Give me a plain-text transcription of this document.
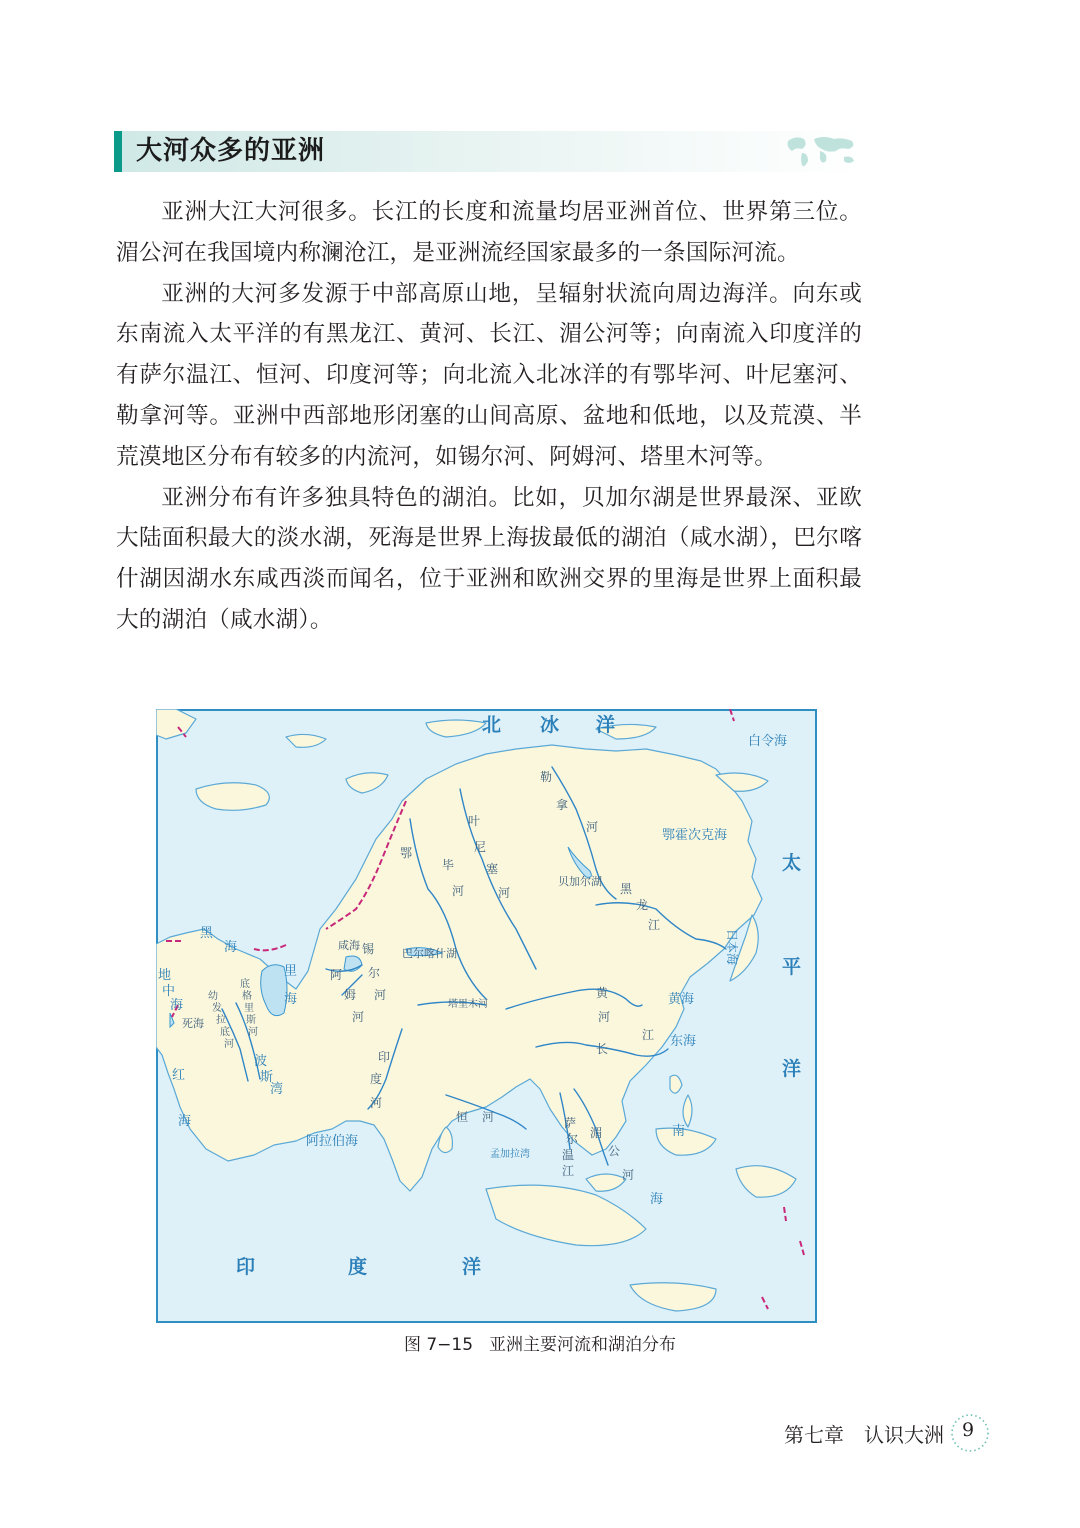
大河众多的亚洲

亚洲大江大河很多。长江的长度和流量均居亚洲首位、世界第三位。湄公河在我国境内称澜沧江，是亚洲流经国家最多的一条国际河流。

亚洲的大河多发源于中部高原山地，呈辐射状流向周边海洋。向东或东南流入太平洋的有黑龙江、黄河、长江、湄公河等；向南流入印度洋的有萨尔温江、恒河、印度河等；向北流入北冰洋的有鄂毕河、叶尼塞河、勒拿河等。亚洲中西部地形闭塞的山间高原、盆地和低地，以及荒漠、半荒漠地区分布有较多的内流河，如锡尔河、阿姆河、塔里木河等。

亚洲分布有许多独具特色的湖泊。比如，贝加尔湖是世界最深、亚欧大陆面积最大的淡水湖，死海是世界上海拔最低的湖泊（咸水湖），巴尔喀什湖因湖水东咸西淡而闻名，位于亚洲和欧洲交界的里海是世界上面积最大的湖泊（咸水湖）。

北 冰 洋
太
平
洋
印	度	洋
白令海
鄂霍次克海
黄海
东海
阿拉伯海
孟加拉湾
南
海
黑
海
里
海
地
中
海
红
海
波
斯
湾
日本海
贝加尔湖
巴尔喀什湖
咸海
死海
塔里木河
鄂
毕
河
叶
尼
塞
河
勒
拿
河
黑
龙
江
黄
河
长
江
湄
公
河
萨
尔
温
江
恒 河
印
度
河
锡
尔
河
阿
姆
河
幼
发
拉
底
河
底
格
里
斯
河
图 7−15 亚洲主要河流和湖泊分布
第七章　认识大洲 9
